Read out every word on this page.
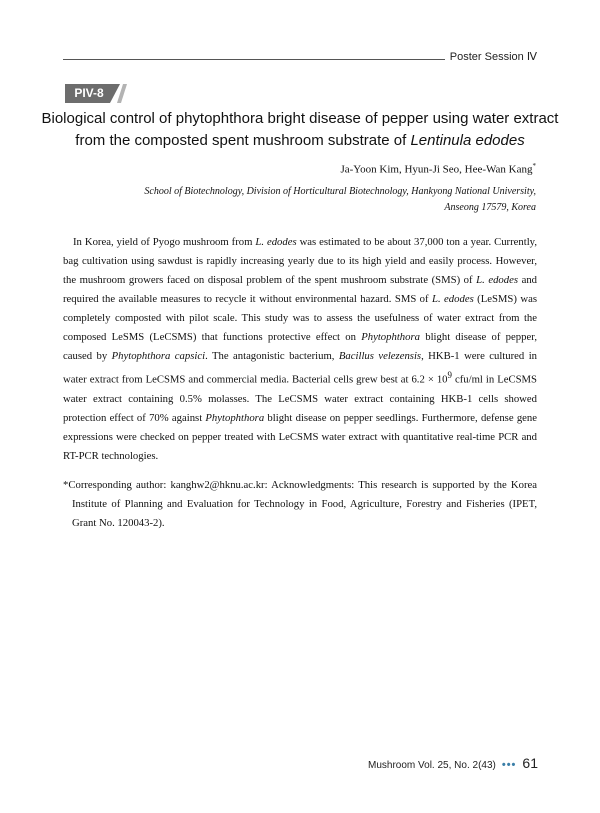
Poster Session Ⅳ
PIV-8
Biological control of phytophthora bright disease of pepper using water extract
from the composted spent mushroom substrate of Lentinula edodes
Ja-Yoon Kim, Hyun-Ji Seo, Hee-Wan Kang*
School of Biotechnology, Division of Horticultural Biotechnology, Hankyong National University,
Anseong 17579, Korea

In Korea, yield of Pyogo mushroom from L. edodes was estimated to be about 37,000 ton a year. Currently, bag cultivation using sawdust is rapidly increasing yearly due to its high yield and easily process. However, the mushroom growers faced on disposal problem of the spent mushroom substrate (SMS) of L. edodes and required the available measures to recycle it without environmental hazard. SMS of L. edodes (LeSMS) was completely composted with pilot scale. This study was to assess the usefulness of water extract from the composed LeSMS (LeCSMS) that functions protective effect on Phytophthora blight disease of pepper, caused by Phytophthora capsici. The antagonistic bacterium, Bacillus velezensis, HKB-1 were cultured in water extract from LeCSMS and commercial media. Bacterial cells grew best at $6.2 \times 10^9$ cfu/ml in LeCSMS water extract containing 0.5% molasses. The LeCSMS water extract containing HKB-1 cells showed protection effect of 70% against Phytophthora blight disease on pepper seedlings. Furthermore, defense gene expressions were checked on pepper treated with LeCSMS water extract with quantitative real-time PCR and RT-PCR technologies.

*Corresponding author: kanghw2@hknu.ac.kr: Acknowledgments: This research is supported by the Korea Institute of Planning and Evaluation for Technology in Food, Agriculture, Forestry and Fisheries (IPET, Grant No. 120043-2).

Mushroom Vol. 25, No. 2(43) ••• 61
